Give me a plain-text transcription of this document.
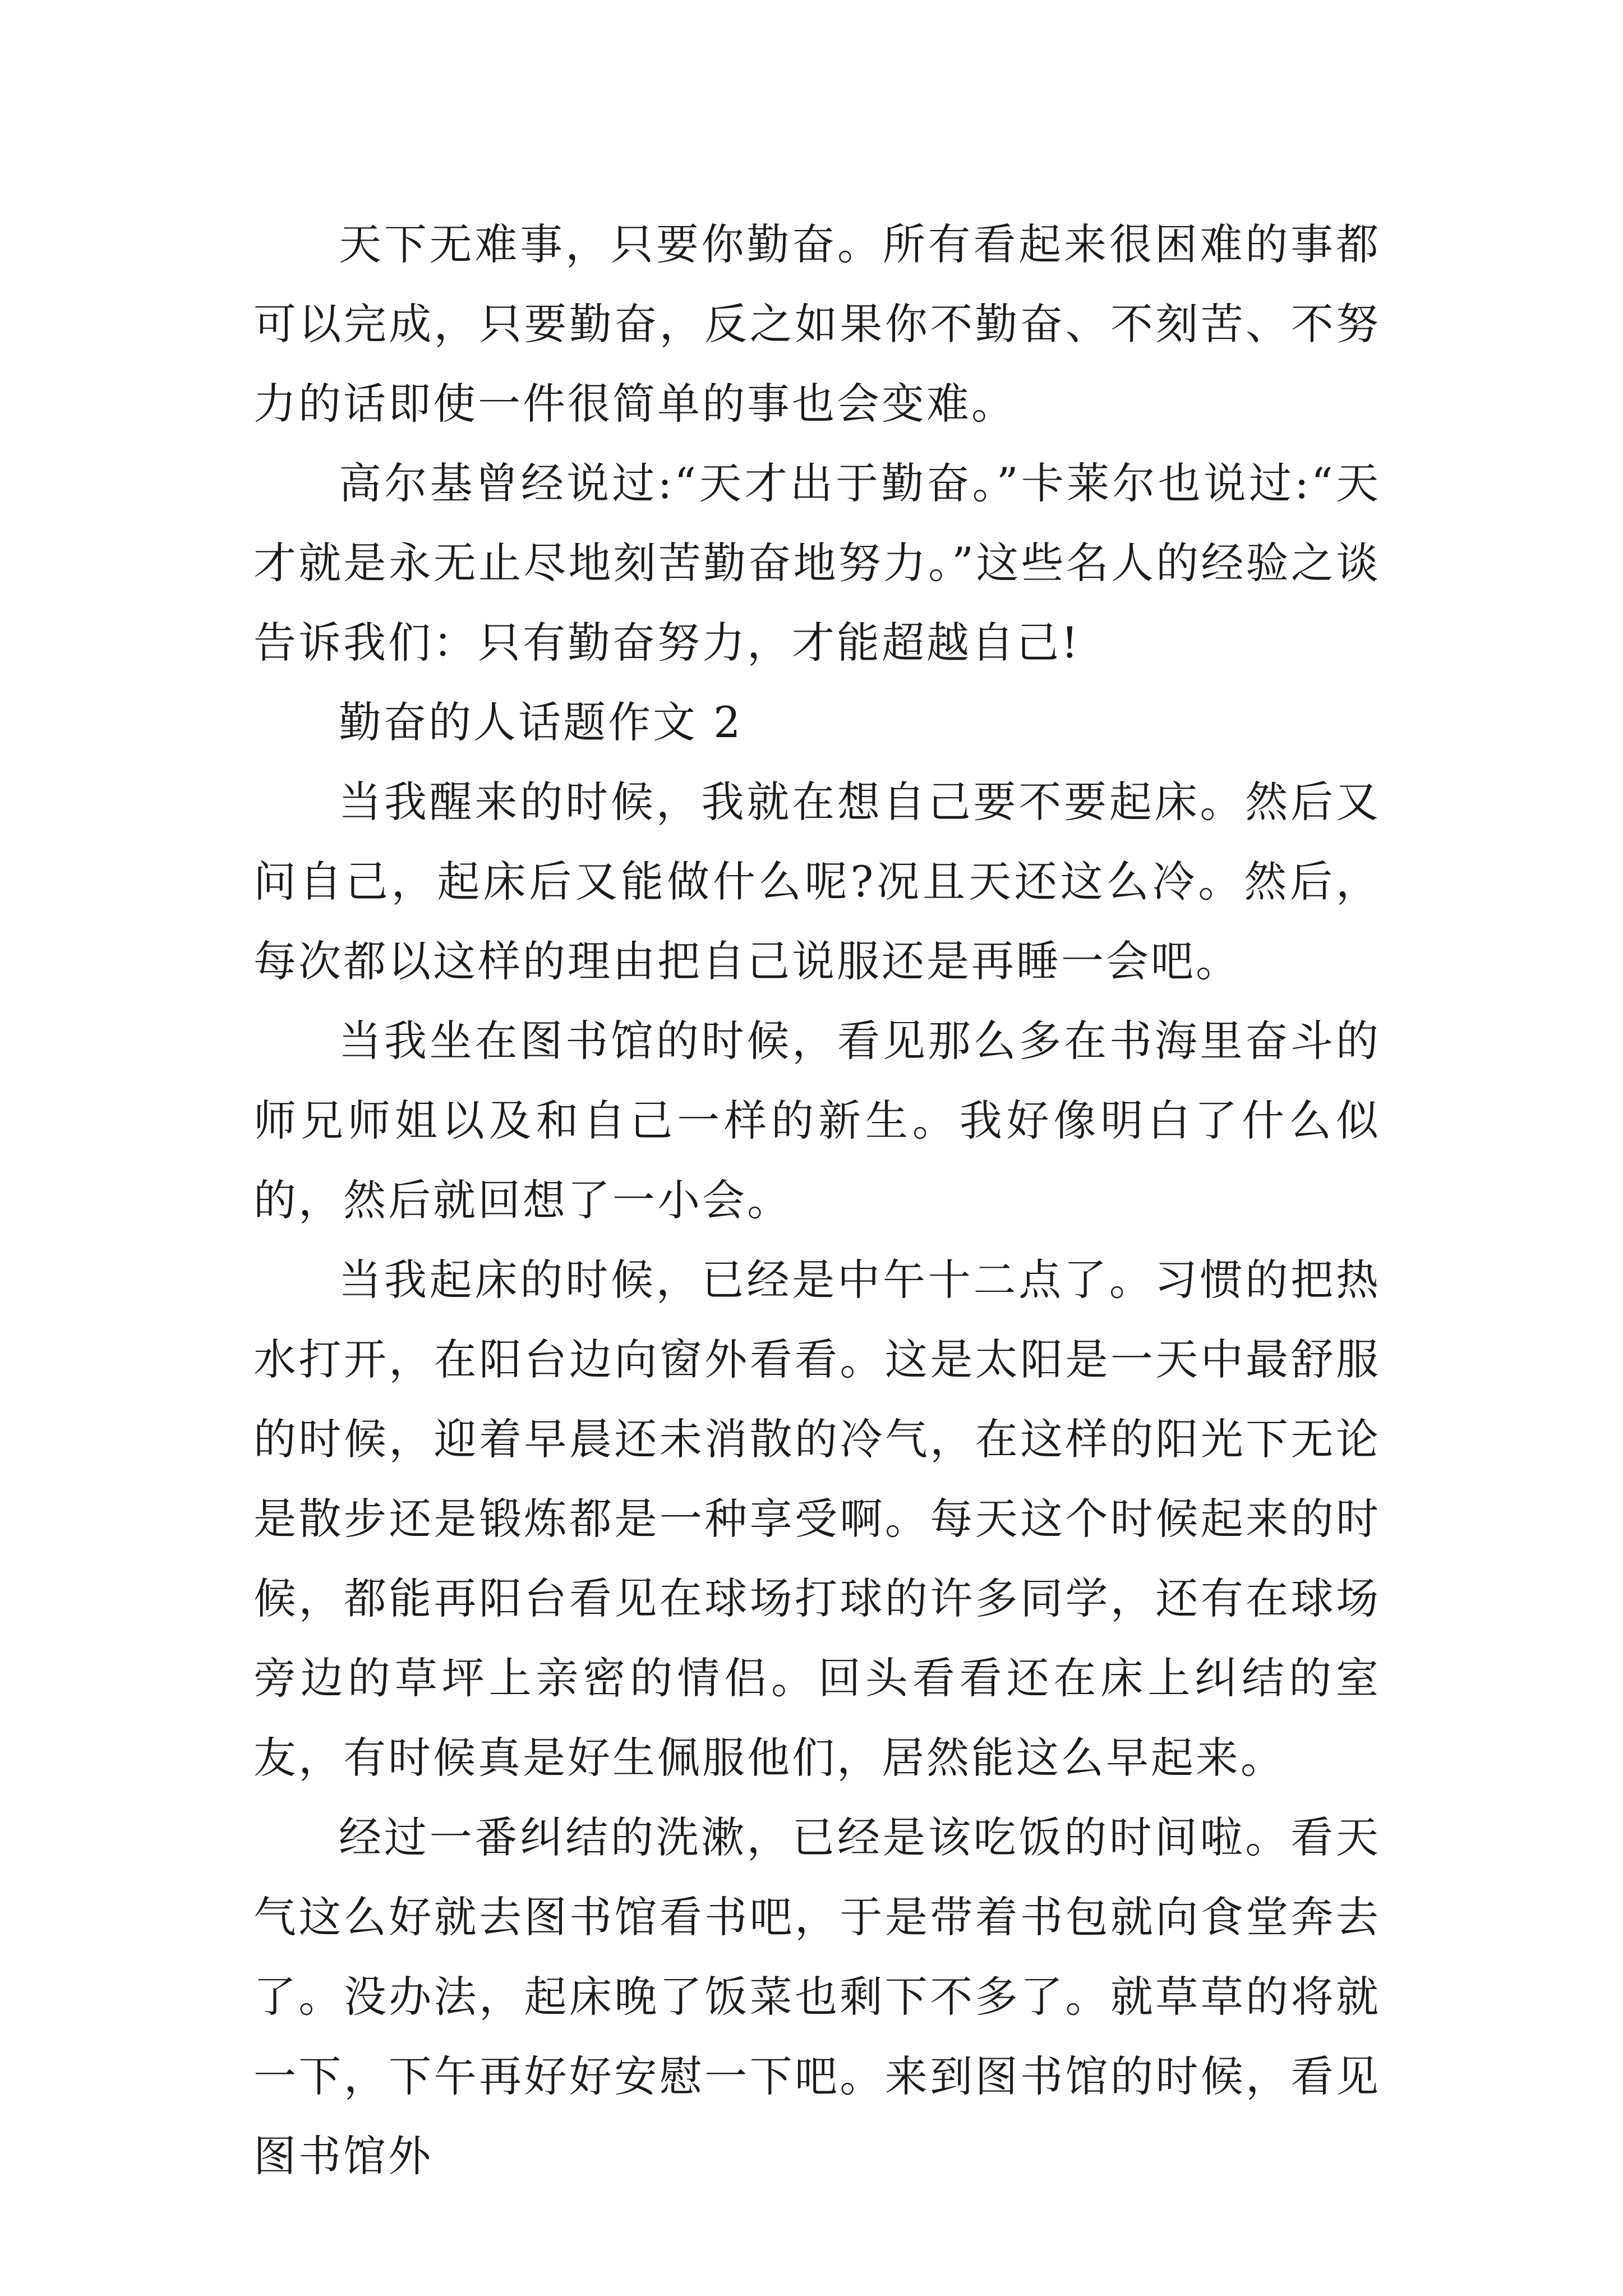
天下无难事，只要你勤奋。所有看起来很困难的事都可以完成，只要勤奋，反之如果你不勤奋、不刻苦、不努力的话即使一件很简单的事也会变难。

高尔基曾经说过:“天才出于勤奋。”卡莱尔也说过:“天才就是永无止尽地刻苦勤奋地努力。”这些名人的经验之谈告诉我们：只有勤奋努力，才能超越自己!

勤奋的人话题作文 2

当我醒来的时候，我就在想自己要不要起床。然后又问自己，起床后又能做什么呢?况且天还这么冷。然后，每次都以这样的理由把自己说服还是再睡一会吧。

当我坐在图书馆的时候，看见那么多在书海里奋斗的师兄师姐以及和自己一样的新生。我好像明白了什么似的，然后就回想了一小会。

当我起床的时候，已经是中午十二点了。习惯的把热水打开，在阳台边向窗外看看。这是太阳是一天中最舒服的时候，迎着早晨还未消散的冷气，在这样的阳光下无论是散步还是锻炼都是一种享受啊。每天这个时候起来的时候，都能再阳台看见在球场打球的许多同学，还有在球场旁边的草坪上亲密的情侣。回头看看还在床上纠结的室友，有时候真是好生佩服他们，居然能这么早起来。

经过一番纠结的洗漱，已经是该吃饭的时间啦。看天气这么好就去图书馆看书吧，于是带着书包就向食堂奔去了。没办法，起床晚了饭菜也剩下不多了。就草草的将就一下，下午再好好安慰一下吧。来到图书馆的时候，看见图书馆外
